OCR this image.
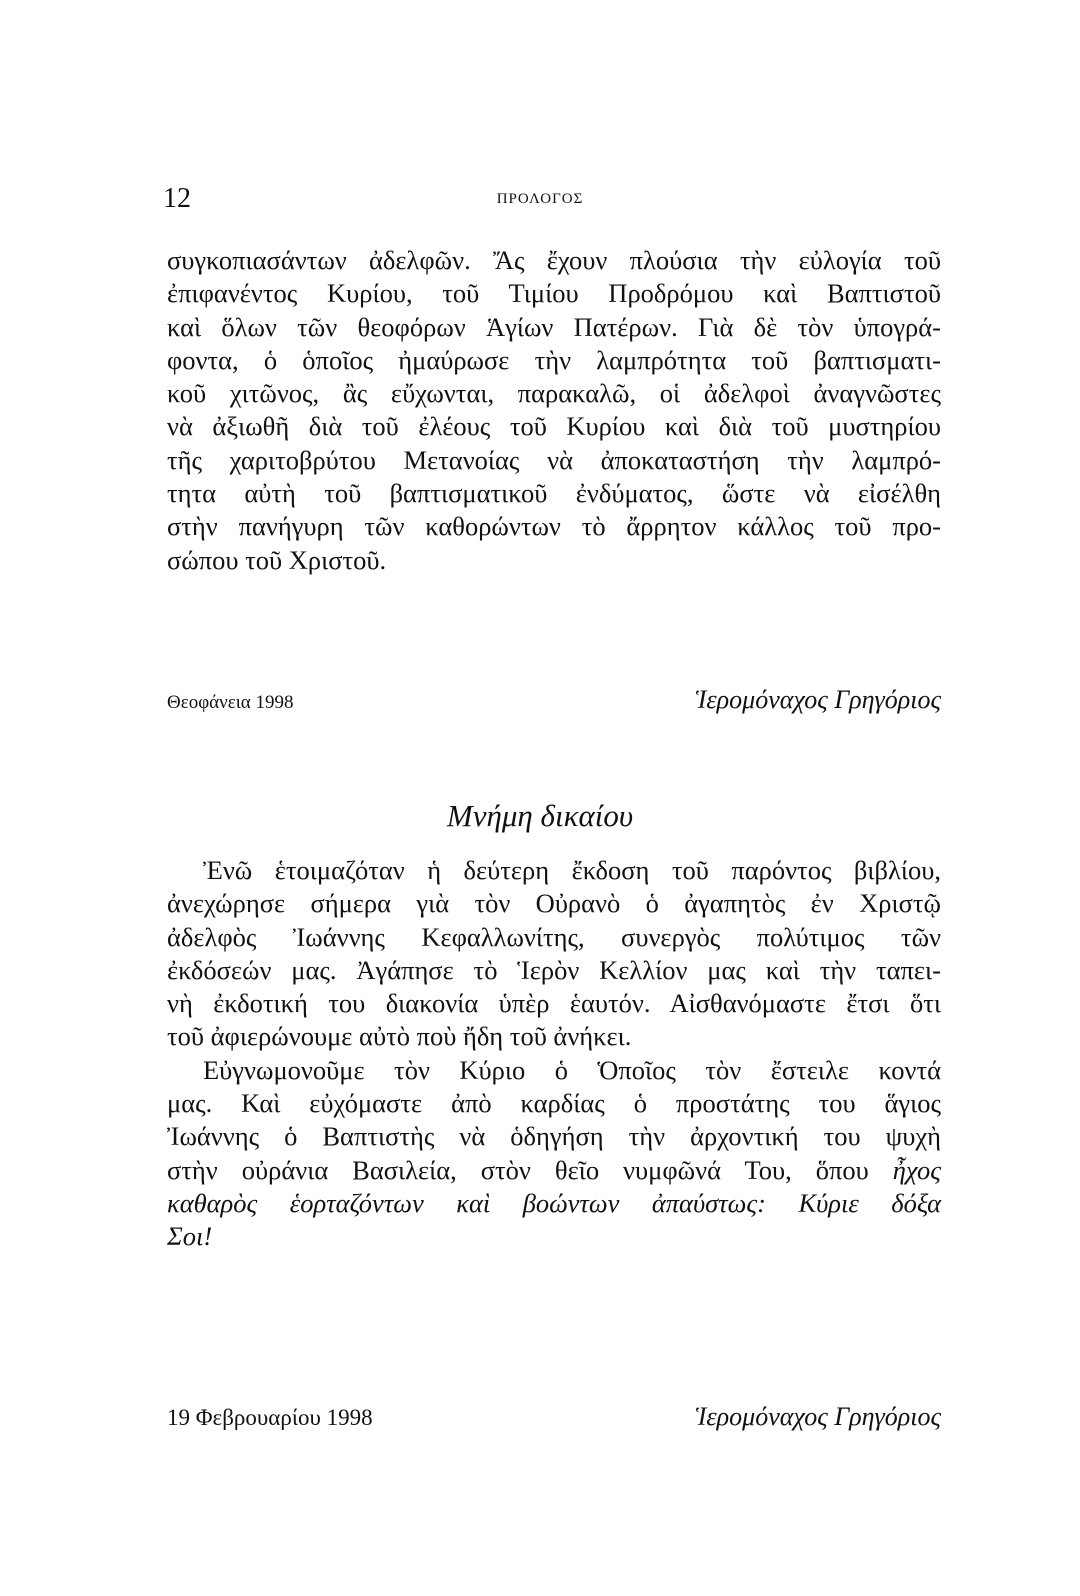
12	ΠΡΟΛΟΓΟΣ
συγκοπιασάντων ἀδελφῶν. Ἄς ἔχουν πλούσια τὴν εὐλογία τοῦ
ἐπιφανέντος Κυρίου, τοῦ Τιμίου Προδρόμου καὶ Βαπτιστοῦ
καὶ ὅλων τῶν θεοφόρων Ἁγίων Πατέρων. Γιὰ δὲ τὸν ὑπογρά-
φοντα, ὁ ὁποῖος ἠμαύρωσε τὴν λαμπρότητα τοῦ βαπτισματι-
κοῦ χιτῶνος, ἂς εὔχωνται, παρακαλῶ, οἱ ἀδελφοὶ ἀναγνῶστες
νὰ ἀξιωθῆ διὰ τοῦ ἐλέους τοῦ Κυρίου καὶ διὰ τοῦ μυστηρίου
τῆς χαριτοβρύτου Μετανοίας νὰ ἀποκαταστήση τὴν λαμπρό-
τητα αὐτὴ τοῦ βαπτισματικοῦ ἐνδύματος, ὥστε νὰ εἰσέλθη
στὴν πανήγυρη τῶν καθορώντων τὸ ἄρρητον κάλλος τοῦ προ-
σώπου τοῦ Χριστοῦ.
Θεοφάνεια 1998	Ἱερομόναχος Γρηγόριος
Μνήμη δικαίου
Ἐνῶ ἑτοιμαζόταν ἡ δεύτερη ἔκδοση τοῦ παρόντος βιβλίου,
ἀνεχώρησε σήμερα γιὰ τὸν Οὐρανὸ ὁ ἀγαπητὸς ἐν Χριστῷ
ἀδελφὸς Ἰωάννης Κεφαλλωνίτης, συνεργὸς πολύτιμος τῶν
ἐκδόσεών μας. Ἀγάπησε τὸ Ἱερὸν Κελλίον μας καὶ τὴν ταπει-
νὴ ἐκδοτική του διακονία ὑπὲρ ἑαυτόν. Αἰσθανόμαστε ἔτσι ὅτι
τοῦ ἀφιερώνουμε αὐτὸ ποὺ ἤδη τοῦ ἀνήκει.
Εὐγνωμονοῦμε τὸν Κύριο ὁ Ὁποῖος τὸν ἔστειλε κοντά
μας. Καὶ εὐχόμαστε ἀπὸ καρδίας ὁ προστάτης του ἅγιος
Ἰωάννης ὁ Βαπτιστὴς νὰ ὁδηγήση τὴν ἀρχοντική του ψυχὴ
στὴν οὐράνια Βασιλεία, στὸν θεῖο νυμφῶνά Του, ὅπου ἦχος
καθαρὸς ἑορταζόντων καὶ βοώντων ἀπαύστως: Κύριε δόξα
Σοι!
19 Φεβρουαρίου 1998	Ἱερομόναχος Γρηγόριος
